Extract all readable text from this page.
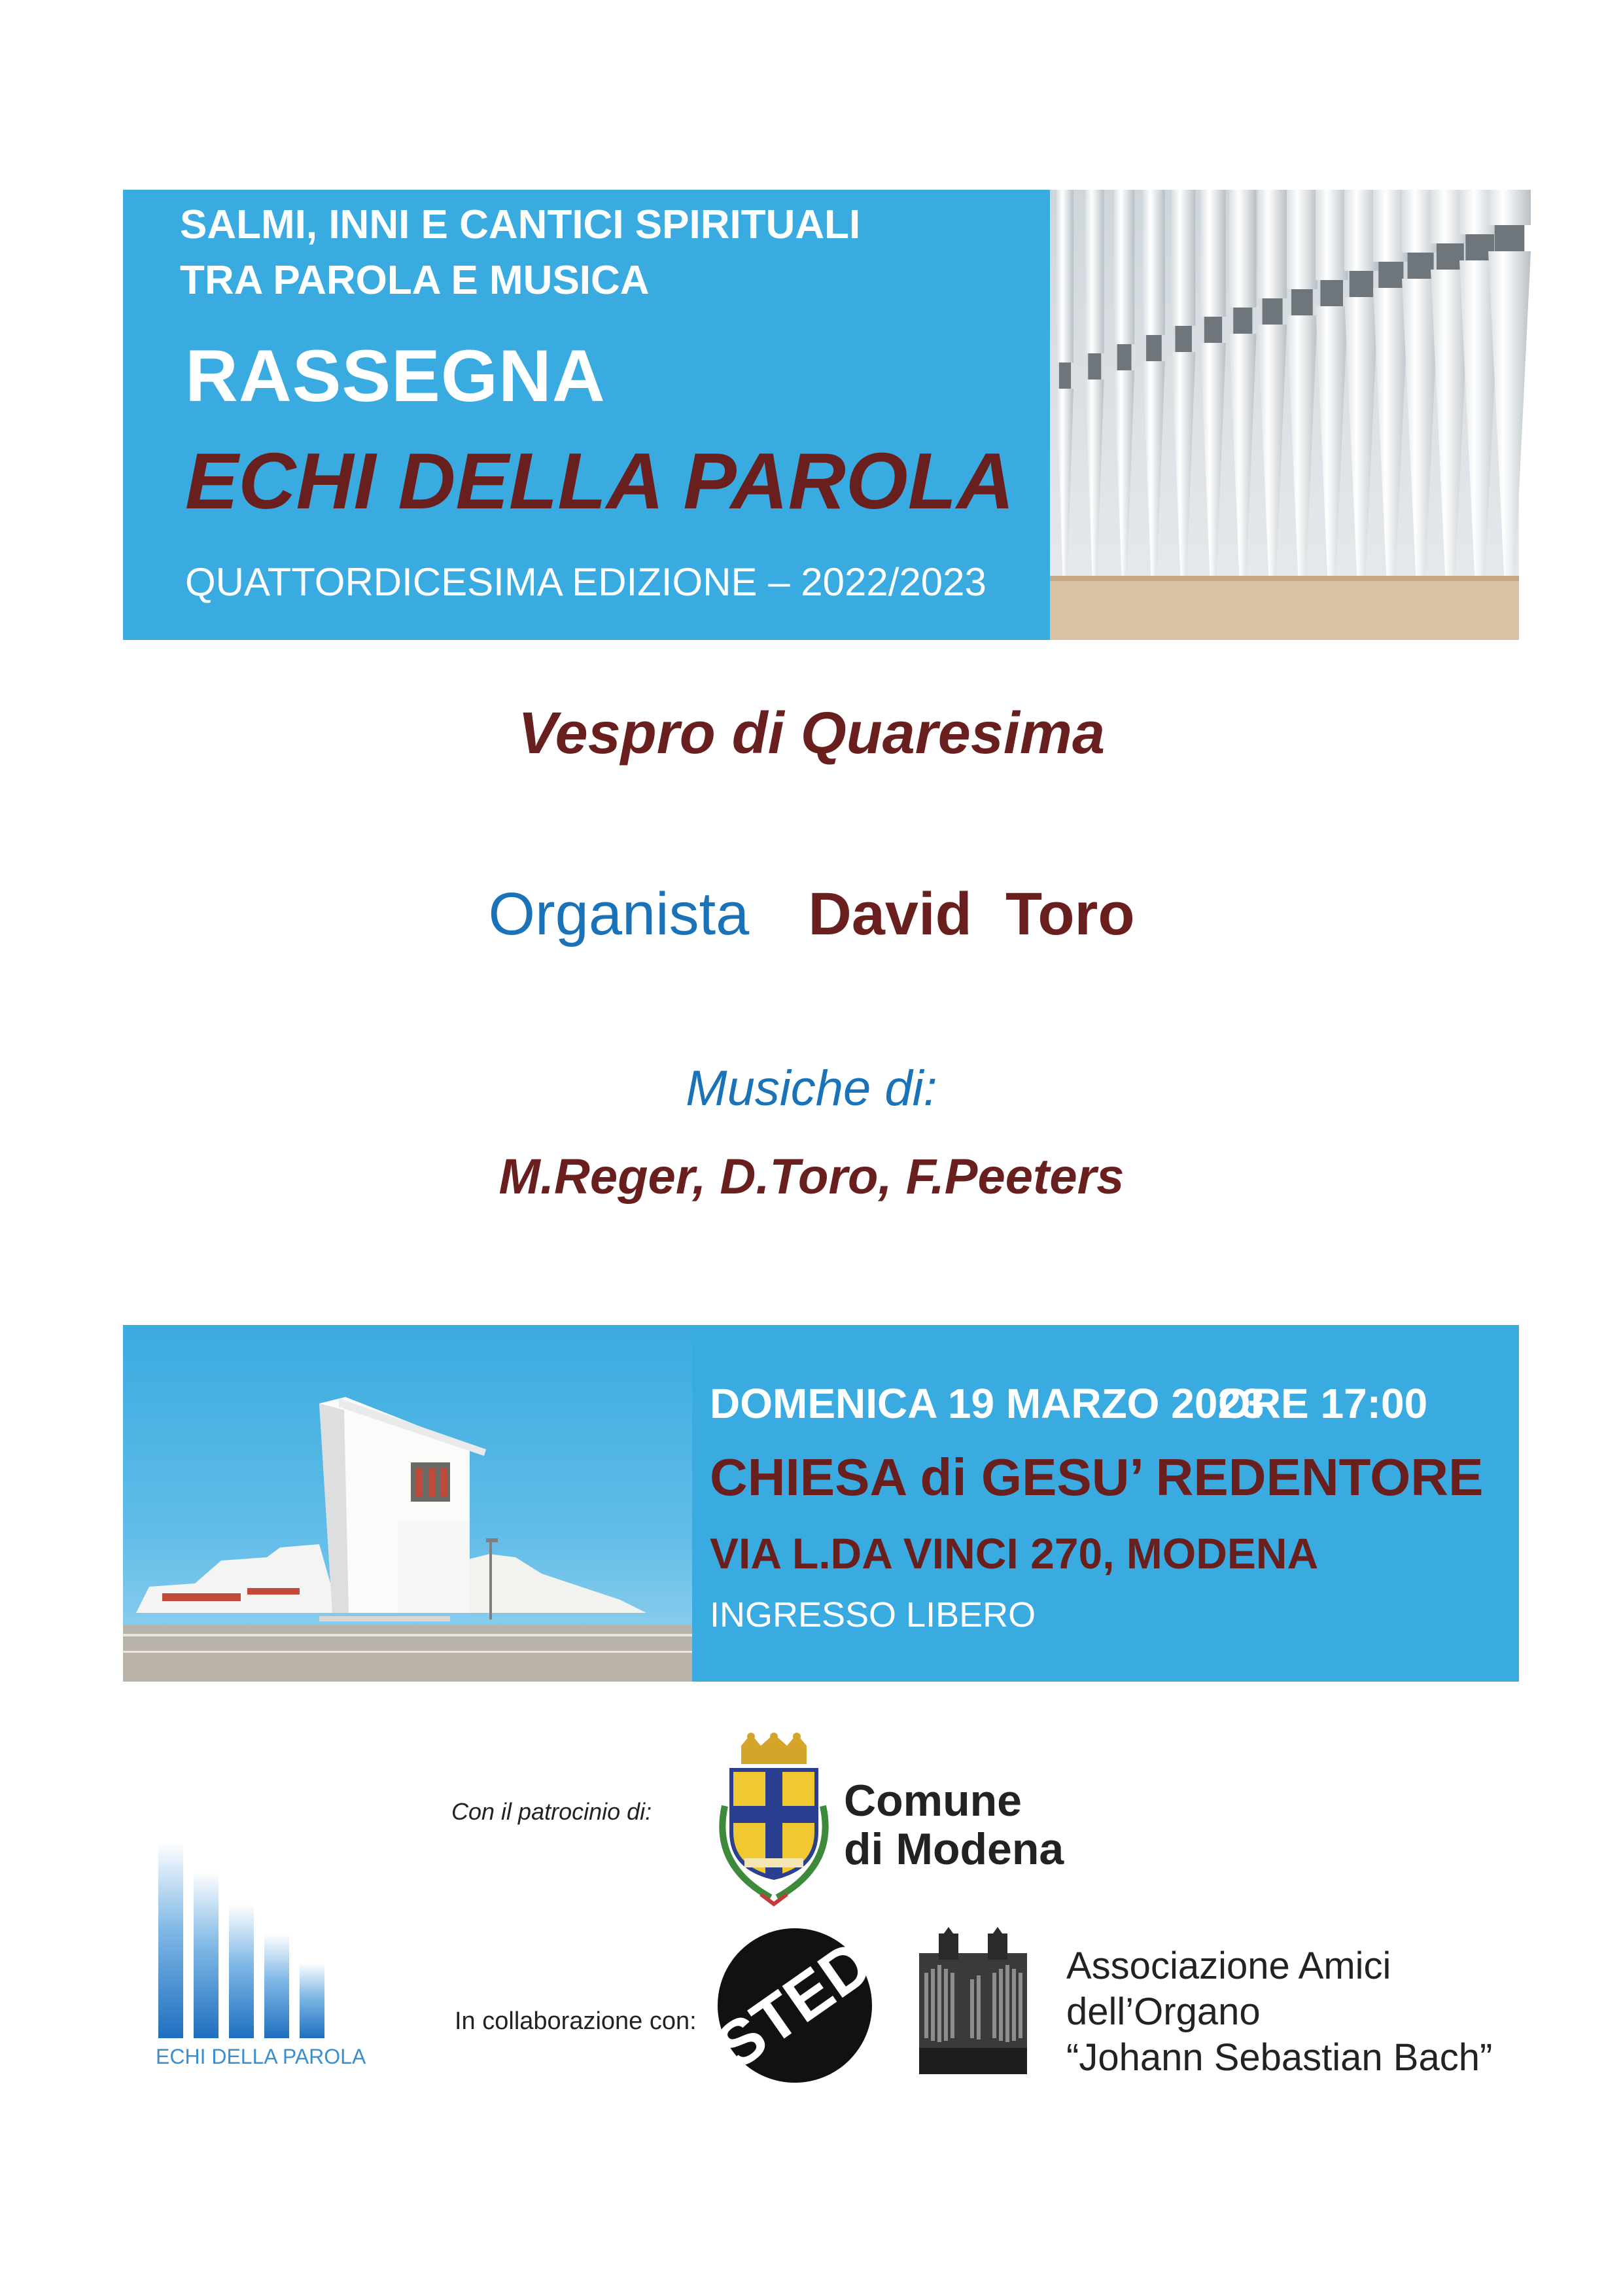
SALMI, INNI E CANTICI SPIRITUALI
TRA PAROLA E MUSICA
RASSEGNA
ECHI DELLA PAROLA
QUATTORDICESIMA EDIZIONE – 2022/2023
Vespro di Quaresima
Organista David  Toro
Musiche di:
M.Reger, D.Toro, F.Peeters
DOMENICA 19 MARZO 2023
ORE 17:00
CHIESA di GESU’ REDENTORE
VIA L.DA VINCI 270, MODENA
INGRESSO LIBERO
Con il patrocinio di:	Comune
di Modena
In collaborazione con: STED	Associazione Amici
dell’Organo
“Johann Sebastian Bach”
ECHI DELLA PAROLA
